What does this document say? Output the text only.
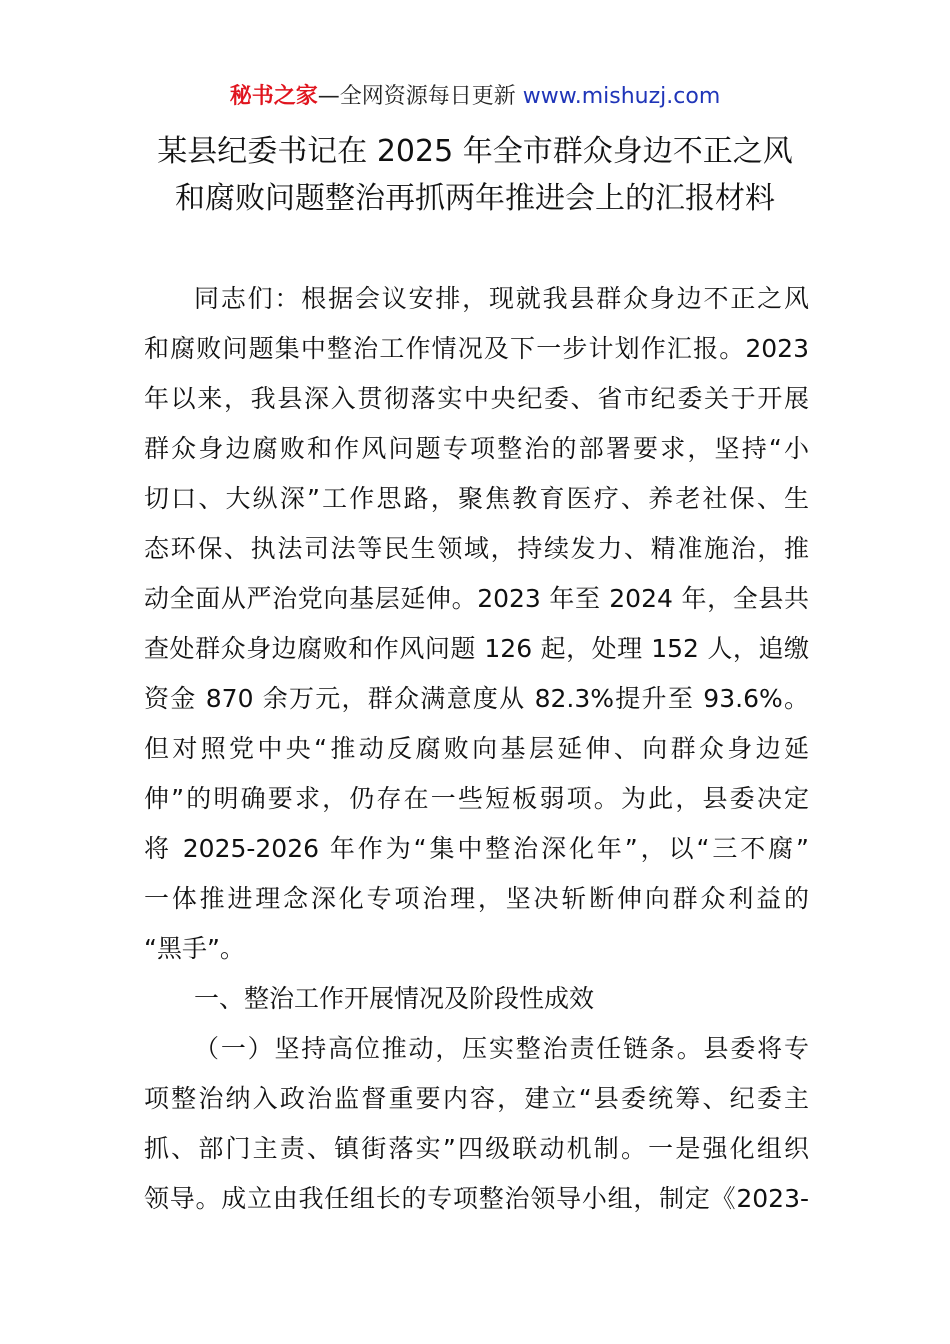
秘书之家—全网资源每日更新 www.mishuzj.com
某县纪委书记在 2025 年全市群众身边不正之风
和腐败问题整治再抓两年推进会上的汇报材料
同志们：根据会议安排，现就我县群众身边不正之风
和腐败问题集中整治工作情况及下一步计划作汇报。2023
年以来，我县深入贯彻落实中央纪委、省市纪委关于开展
群众身边腐败和作风问题专项整治的部署要求，坚持“小
切口、大纵深”工作思路，聚焦教育医疗、养老社保、生
态环保、执法司法等民生领域，持续发力、精准施治，推
动全面从严治党向基层延伸。2023 年至 2024 年，全县共
查处群众身边腐败和作风问题 126 起，处理 152 人，追缴
资金 870 余万元，群众满意度从 82.3%提升至 93.6%。
但对照党中央“推动反腐败向基层延伸、向群众身边延
伸”的明确要求，仍存在一些短板弱项。为此，县委决定
将 2025-2026 年作为“集中整治深化年”，以“三不腐”
一体推进理念深化专项治理，坚决斩断伸向群众利益的
“黑手”。
一、整治工作开展情况及阶段性成效
（一）坚持高位推动，压实整治责任链条。县委将专
项整治纳入政治监督重要内容，建立“县委统筹、纪委主
抓、部门主责、镇街落实”四级联动机制。一是强化组织
领导。成立由我任组长的专项整治领导小组，制定《2023-
